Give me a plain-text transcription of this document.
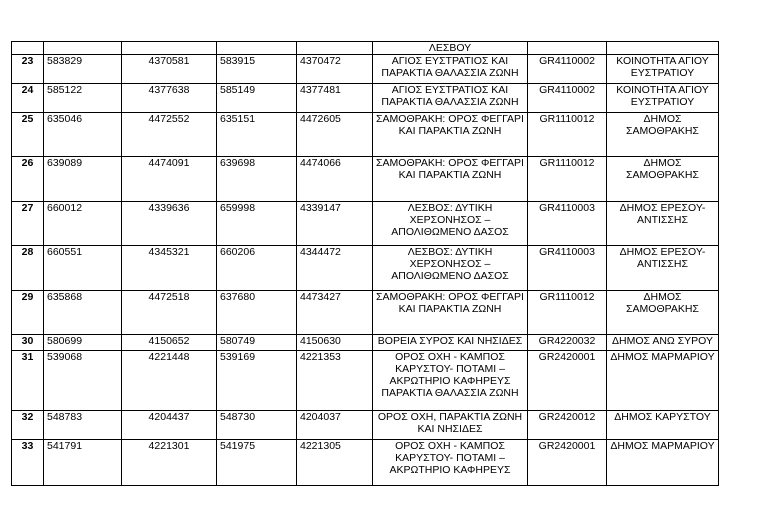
					ΛΕΣΒΟΥ		
23	583829	4370581	583915	4370472	ΑΓΙΟΣ ΕΥΣΤΡΑΤΙΟΣ ΚΑΙ ΠΑΡΑΚΤΙΑ ΘΑΛΑΣΣΙΑ ΖΩΝΗ	GR4110002	ΚΟΙΝΟΤΗΤΑ ΑΓΙΟΥ ΕΥΣΤΡΑΤΙΟΥ
24	585122	4377638	585149	4377481	ΑΓΙΟΣ ΕΥΣΤΡΑΤΙΟΣ ΚΑΙ ΠΑΡΑΚΤΙΑ ΘΑΛΑΣΣΙΑ ΖΩΝΗ	GR4110002	ΚΟΙΝΟΤΗΤΑ ΑΓΙΟΥ ΕΥΣΤΡΑΤΙΟΥ
25	635046	4472552	635151	4472605	ΣΑΜΟΘΡΑΚΗ: ΟΡΟΣ ΦΕΓΓΑΡΙ ΚΑΙ ΠΑΡΑΚΤΙΑ ΖΩΝΗ	GR1110012	ΔΗΜΟΣ ΣΑΜΟΘΡΑΚΗΣ
26	639089	4474091	639698	4474066	ΣΑΜΟΘΡΑΚΗ: ΟΡΟΣ ΦΕΓΓΑΡΙ ΚΑΙ ΠΑΡΑΚΤΙΑ ΖΩΝΗ	GR1110012	ΔΗΜΟΣ ΣΑΜΟΘΡΑΚΗΣ
27	660012	4339636	659998	4339147	ΛΕΣΒΟΣ: ΔΥΤΙΚΗ ΧΕΡΣΟΝΗΣΟΣ – ΑΠΟΛΙΘΩΜΕΝΟ ΔΑΣΟΣ	GR4110003	ΔΗΜΟΣ ΕΡΕΣΟΥ-ΑΝΤΙΣΣΗΣ
28	660551	4345321	660206	4344472	ΛΕΣΒΟΣ: ΔΥΤΙΚΗ ΧΕΡΣΟΝΗΣΟΣ – ΑΠΟΛΙΘΩΜΕΝΟ ΔΑΣΟΣ	GR4110003	ΔΗΜΟΣ ΕΡΕΣΟΥ-ΑΝΤΙΣΣΗΣ
29	635868	4472518	637680	4473427	ΣΑΜΟΘΡΑΚΗ: ΟΡΟΣ ΦΕΓΓΑΡΙ ΚΑΙ ΠΑΡΑΚΤΙΑ ΖΩΝΗ	GR1110012	ΔΗΜΟΣ ΣΑΜΟΘΡΑΚΗΣ
30	580699	4150652	580749	4150630	ΒΟΡΕΙΑ ΣΥΡΟΣ ΚΑΙ ΝΗΣΙΔΕΣ	GR4220032	ΔΗΜΟΣ ΑΝΩ ΣΥΡΟΥ
31	539068	4221448	539169	4221353	ΟΡΟΣ ΟΧΗ - ΚΑΜΠΟΣ ΚΑΡΥΣΤΟΥ- ΠΟΤΑΜΙ – ΑΚΡΩΤΗΡΙΟ ΚΑΦΗΡΕΥΣ ΠΑΡΑΚΤΙΑ ΘΑΛΑΣΣΙΑ ΖΩΝΗ	GR2420001	ΔΗΜΟΣ ΜΑΡΜΑΡΙΟΥ
32	548783	4204437	548730	4204037	ΟΡΟΣ ΟΧΗ, ΠΑΡΑΚΤΙΑ ΖΩΝΗ ΚΑΙ ΝΗΣΙΔΕΣ	GR2420012	ΔΗΜΟΣ ΚΑΡΥΣΤΟΥ
33	541791	4221301	541975	4221305	ΟΡΟΣ ΟΧΗ - ΚΑΜΠΟΣ ΚΑΡΥΣΤΟΥ- ΠΟΤΑΜΙ – ΑΚΡΩΤΗΡΙΟ ΚΑΦΗΡΕΥΣ	GR2420001	ΔΗΜΟΣ ΜΑΡΜΑΡΙΟΥ
